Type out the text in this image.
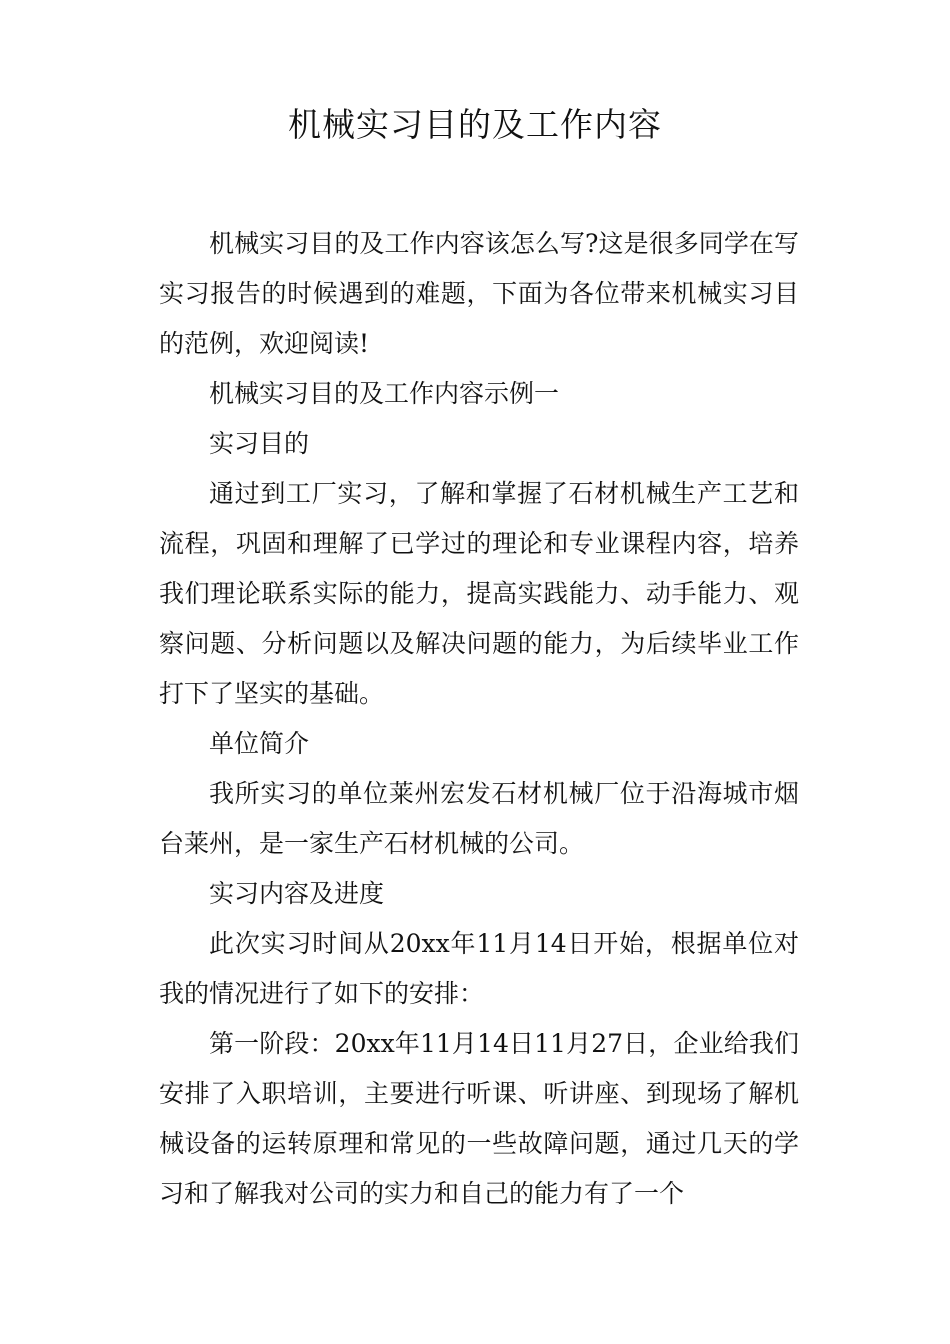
机械实习目的及工作内容

机械实习目的及工作内容该怎么写?这是很多同学在写实习报告的时候遇到的难题，下面为各位带来机械实习目的范例，欢迎阅读!

机械实习目的及工作内容示例一

实习目的

通过到工厂实习，了解和掌握了石材机械生产工艺和流程，巩固和理解了已学过的理论和专业课程内容，培养我们理论联系实际的能力，提高实践能力、动手能力、观察问题、分析问题以及解决问题的能力，为后续毕业工作打下了坚实的基础。

单位简介

我所实习的单位莱州宏发石材机械厂位于沿海城市烟台莱州，是一家生产石材机械的公司。

实习内容及进度

此次实习时间从20xx年11月14日开始，根据单位对我的情况进行了如下的安排：

第一阶段：20xx年11月14日11月27日，企业给我们安排了入职培训，主要进行听课、听讲座、到现场了解机械设备的运转原理和常见的一些故障问题，通过几天的学习和了解我对公司的实力和自己的能力有了一个
